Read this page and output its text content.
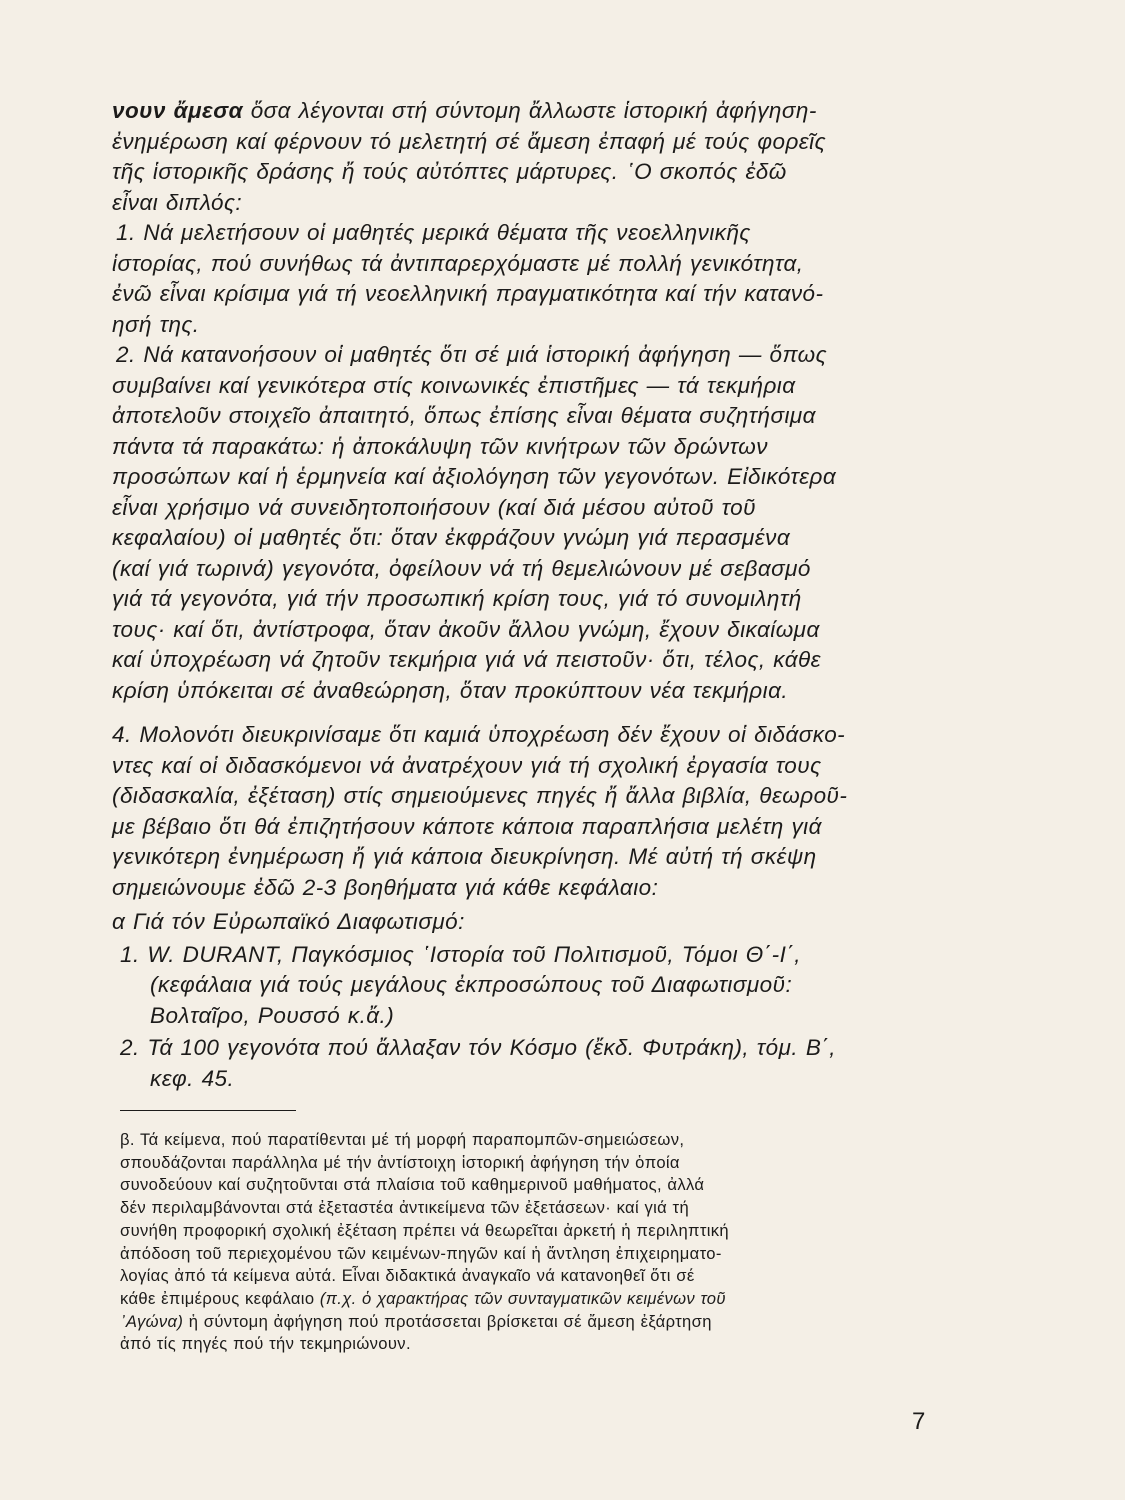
νουν ἄμεσα ὅσα λέγονται στή σύντομη ἄλλωστε ἱστορική ἀφήγηση-
ἐνημέρωση καί φέρνουν τό μελετητή σέ ἄμεση ἐπαφή μέ τούς φορεῖς
τῆς ἱστορικῆς δράσης ἤ τούς αὐτόπτες μάρτυρες. ῾Ο σκοπός ἐδῶ
εἶναι διπλός:
1. Νά μελετήσουν οἱ μαθητές μερικά θέματα τῆς νεοελληνικῆς
ἱστορίας, πού συνήθως τά ἀντιπαρερχόμαστε μέ πολλή γενικότητα,
ἐνῶ εἶναι κρίσιμα γιά τή νεοελληνική πραγματικότητα καί τήν κατανό-
ησή της.
2. Νά κατανοήσουν οἱ μαθητές ὅτι σέ μιά ἱστορική ἀφήγηση — ὅπως
συμβαίνει καί γενικότερα στίς κοινωνικές ἐπιστῆμες — τά τεκμήρια
ἀποτελοῦν στοιχεῖο ἀπαιτητό, ὅπως ἐπίσης εἶναι θέματα συζητήσιμα
πάντα τά παρακάτω: ἡ ἀποκάλυψη τῶν κινήτρων τῶν δρώντων
προσώπων καί ἡ ἑρμηνεία καί ἀξιολόγηση τῶν γεγονότων. Εἰδικότερα
εἶναι χρήσιμο νά συνειδητοποιήσουν (καί διά μέσου αὐτοῦ τοῦ
κεφαλαίου) οἱ μαθητές ὅτι: ὅταν ἐκφράζουν γνώμη γιά περασμένα
(καί γιά τωρινά) γεγονότα, ὀφείλουν νά τή θεμελιώνουν μέ σεβασμό
γιά τά γεγονότα, γιά τήν προσωπική κρίση τους, γιά τό συνομιλητή
τους· καί ὅτι, ἀντίστροφα, ὅταν ἀκοῦν ἄλλου γνώμη, ἔχουν δικαίωμα
καί ὑποχρέωση νά ζητοῦν τεκμήρια γιά νά πειστοῦν· ὅτι, τέλος, κάθε
κρίση ὑπόκειται σέ ἀναθεώρηση, ὅταν προκύπτουν νέα τεκμήρια.
4. Μολονότι διευκρινίσαμε ὅτι καμιά ὑποχρέωση δέν ἔχουν οἱ διδάσκο-
ντες καί οἱ διδασκόμενοι νά ἀνατρέχουν γιά τή σχολική ἐργασία τους
(διδασκαλία, ἐξέταση) στίς σημειούμενες πηγές ἤ ἄλλα βιβλία, θεωροῦ-
με βέβαιο ὅτι θά ἐπιζητήσουν κάποτε κάποια παραπλήσια μελέτη γιά
γενικότερη ἐνημέρωση ἤ γιά κάποια διευκρίνηση. Μέ αὐτή τή σκέψη
σημειώνουμε ἐδῶ 2-3 βοηθήματα γιά κάθε κεφάλαιο:
α Γιά τόν Εὐρωπαϊκό Διαφωτισμό:
1. W. DURANT, Παγκόσμιος ῾Ιστορία τοῦ Πολιτισμοῦ, Τόμοι Θ΄-Ι΄,
(κεφάλαια γιά τούς μεγάλους ἐκπροσώπους τοῦ Διαφωτισμοῦ:
Βολταῖρο, Ρουσσό κ.ἄ.)
2. Τά 100 γεγονότα πού ἄλλαξαν τόν Κόσμο (ἔκδ. Φυτράκη), τόμ. Β΄,
κεφ. 45.
β. Τά κείμενα, πού παρατίθενται μέ τή μορφή παραπομπῶν-σημειώσεων,
σπουδάζονται παράλληλα μέ τήν ἀντίστοιχη ἱστορική ἀφήγηση τήν ὁποία
συνοδεύουν καί συζητοῦνται στά πλαίσια τοῦ καθημερινοῦ μαθήματος, ἀλλά
δέν περιλαμβάνονται στά ἐξεταστέα ἀντικείμενα τῶν ἐξετάσεων· καί γιά τή
συνήθη προφορική σχολική ἐξέταση πρέπει νά θεωρεῖται ἀρκετή ἡ περιληπτική
ἀπόδοση τοῦ περιεχομένου τῶν κειμένων-πηγῶν καί ἡ ἄντληση ἐπιχειρηματο-
λογίας ἀπό τά κείμενα αὐτά. Εἶναι διδακτικά ἀναγκαῖο νά κατανοηθεῖ ὅτι σέ
κάθε ἐπιμέρους κεφάλαιο (π.χ. ὁ χαρακτήρας τῶν συνταγματικῶν κειμένων τοῦ
᾿Αγώνα) ἡ σύντομη ἀφήγηση πού προτάσσεται βρίσκεται σέ ἄμεση ἐξάρτηση
ἀπό τίς πηγές πού τήν τεκμηριώνουν.
7
